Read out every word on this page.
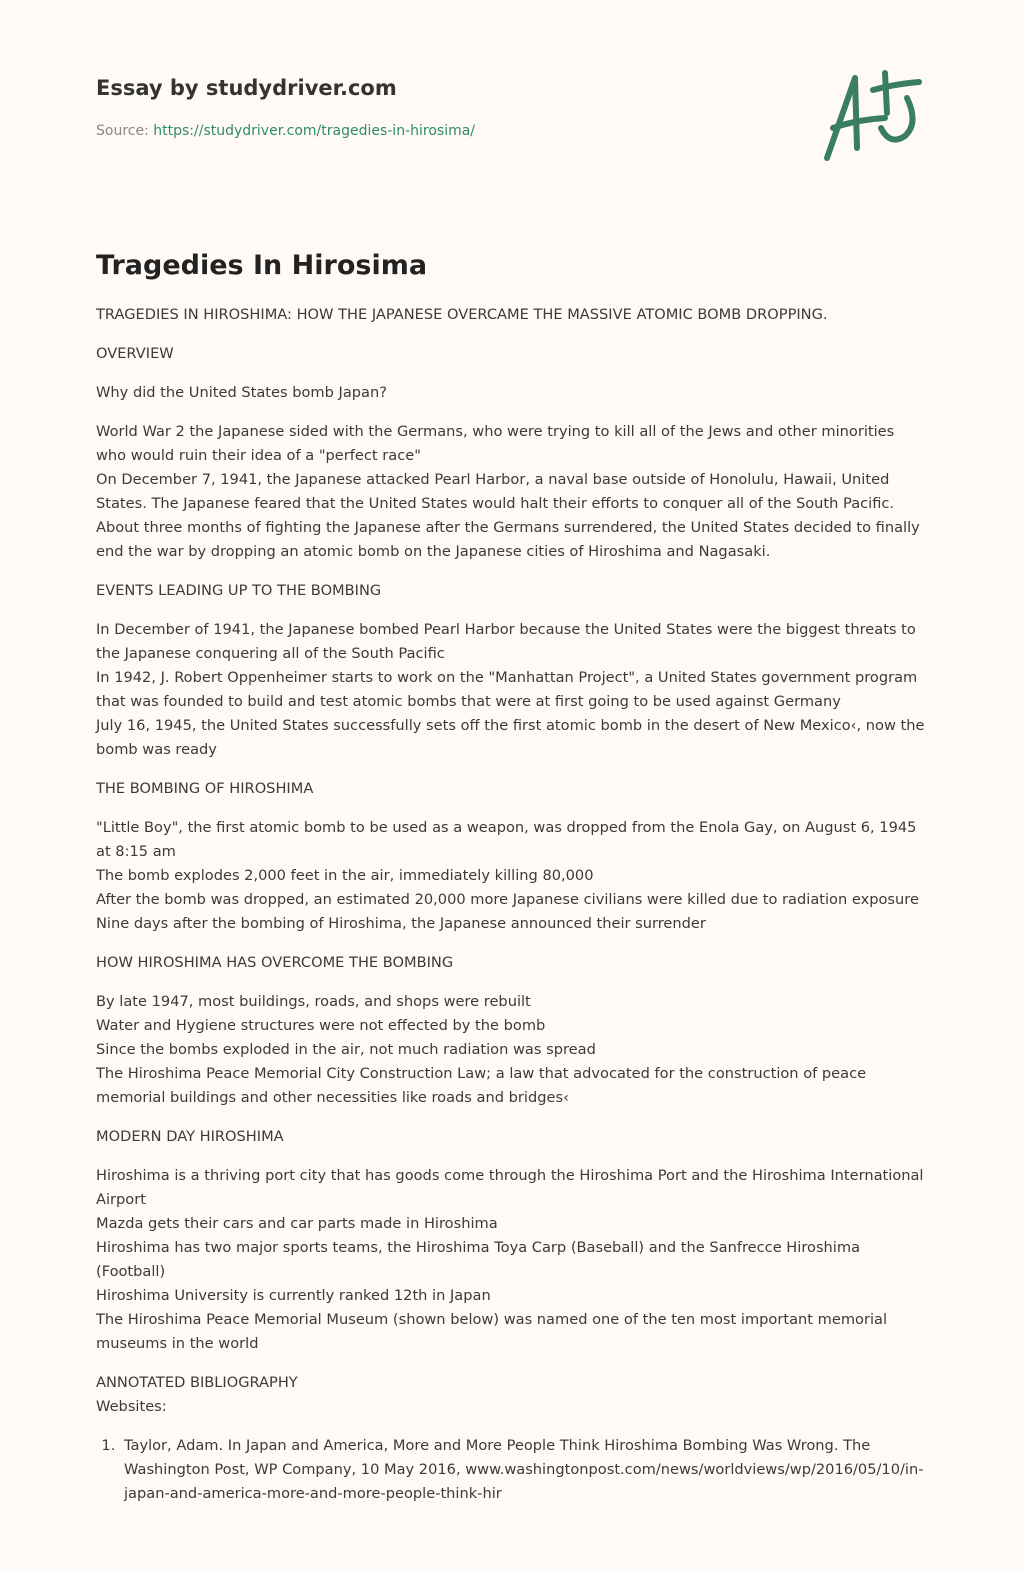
Essay by studydriver.com
Source: https://studydriver.com/tragedies-in-hirosima/
Tragedies In Hirosima
TRAGEDIES IN HIROSHIMA: HOW THE JAPANESE OVERCAME THE MASSIVE ATOMIC BOMB DROPPING.
OVERVIEW
Why did the United States bomb Japan?
World War 2 the Japanese sided with the Germans, who were trying to kill all of the Jews and other minorities who would ruin their idea of a "perfect race"
On December 7, 1941, the Japanese attacked Pearl Harbor, a naval base outside of Honolulu, Hawaii, United States. The Japanese feared that the United States would halt their efforts to conquer all of the South Pacific.
About three months of fighting the Japanese after the Germans surrendered, the United States decided to finally end the war by dropping an atomic bomb on the Japanese cities of Hiroshima and Nagasaki.
EVENTS LEADING UP TO THE BOMBING
In December of 1941, the Japanese bombed Pearl Harbor because the United States were the biggest threats to the Japanese conquering all of the South Pacific
In 1942, J. Robert Oppenheimer starts to work on the "Manhattan Project", a United States government program that was founded to build and test atomic bombs that were at first going to be used against Germany
July 16, 1945, the United States successfully sets off the first atomic bomb in the desert of New Mexico‹, now the bomb was ready
THE BOMBING OF HIROSHIMA
"Little Boy", the first atomic bomb to be used as a weapon, was dropped from the Enola Gay, on August 6, 1945 at 8:15 am
The bomb explodes 2,000 feet in the air, immediately killing 80,000
After the bomb was dropped, an estimated 20,000 more Japanese civilians were killed due to radiation exposure
Nine days after the bombing of Hiroshima, the Japanese announced their surrender
HOW HIROSHIMA HAS OVERCOME THE BOMBING
By late 1947, most buildings, roads, and shops were rebuilt
Water and Hygiene structures were not effected by the bomb
Since the bombs exploded in the air, not much radiation was spread
The Hiroshima Peace Memorial City Construction Law; a law that advocated for the construction of peace memorial buildings and other necessities like roads and bridges‹
MODERN DAY HIROSHIMA
Hiroshima is a thriving port city that has goods come through the Hiroshima Port and the Hiroshima International Airport
Mazda gets their cars and car parts made in Hiroshima
Hiroshima has two major sports teams, the Hiroshima Toya Carp (Baseball) and the Sanfrecce Hiroshima (Football)
Hiroshima University is currently ranked 12th in Japan
The Hiroshima Peace Memorial Museum (shown below) was named one of the ten most important memorial museums in the world
ANNOTATED BIBLIOGRAPHY
Websites:
1. Taylor, Adam. In Japan and America, More and More People Think Hiroshima Bombing Was Wrong. The Washington Post, WP Company, 10 May 2016, www.washingtonpost.com/news/worldviews/wp/2016/05/10/in-japan-and-america-more-and-more-people-think-hir
